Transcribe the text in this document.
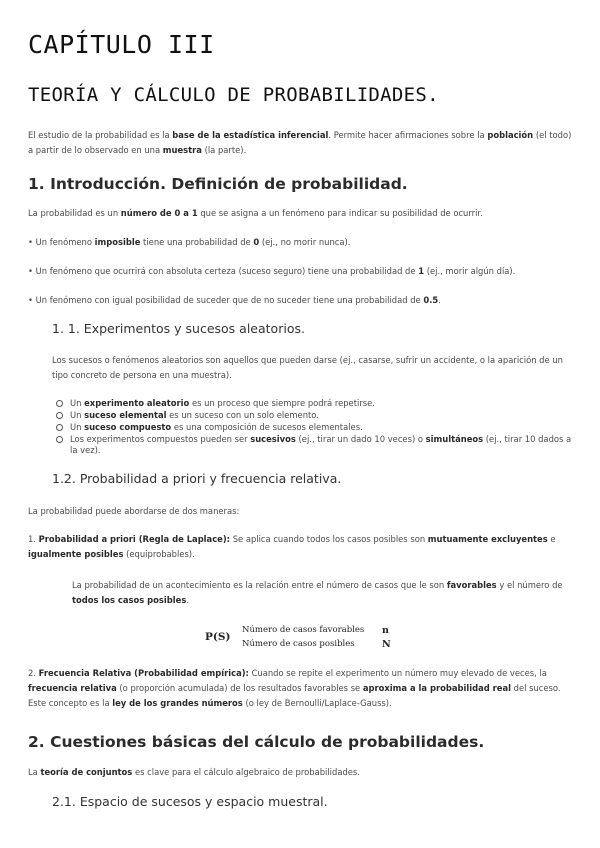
CAPÍTULO III
TEORÍA Y CÁLCULO DE PROBABILIDADES.

El estudio de la probabilidad es la base de la estadística inferencial. Permite hacer afirmaciones sobre la población (el todo) a partir de lo observado en una muestra (la parte).

1. Introducción. Definición de probabilidad.

La probabilidad es un número de 0 a 1 que se asigna a un fenómeno para indicar su posibilidad de ocurrir.

• Un fenómeno imposible tiene una probabilidad de 0 (ej., no morir nunca).

• Un fenómeno que ocurrirá con absoluta certeza (suceso seguro) tiene una probabilidad de 1 (ej., morir algún día).

• Un fenómeno con igual posibilidad de suceder que de no suceder tiene una probabilidad de 0.5.

1. 1. Experimentos y sucesos aleatorios.

Los sucesos o fenómenos aleatorios son aquellos que pueden darse (ej., casarse, sufrir un accidente, o la aparición de un tipo concreto de persona en una muestra).

Un experimento aleatorio es un proceso que siempre podrá repetirse.
Un suceso elemental es un suceso con un solo elemento.
Un suceso compuesto es una composición de sucesos elementales.
Los experimentos compuestos pueden ser sucesivos (ej., tirar un dado 10 veces) o simultáneos (ej., tirar 10 dados a la vez).
1.2. Probabilidad a priori y frecuencia relativa.

La probabilidad puede abordarse de dos maneras:

1. Probabilidad a priori (Regla de Laplace): Se aplica cuando todos los casos posibles son mutuamente excluyentes e igualmente posibles (equiprobables).

La probabilidad de un acontecimiento es la relación entre el número de casos que le son favorables y el número de todos los casos posibles.

P(S)
Número de casos favorables
Número de casos posibles
n
N

2. Frecuencia Relativa (Probabilidad empírica): Cuando se repite el experimento un número muy elevado de veces, la frecuencia relativa (o proporción acumulada) de los resultados favorables se aproxima a la probabilidad real del suceso. Este concepto es la ley de los grandes números (o ley de Bernoulli/Laplace-Gauss).

2. Cuestiones básicas del cálculo de probabilidades.

La teoría de conjuntos es clave para el cálculo algebraico de probabilidades.

2.1. Espacio de sucesos y espacio muestral.
